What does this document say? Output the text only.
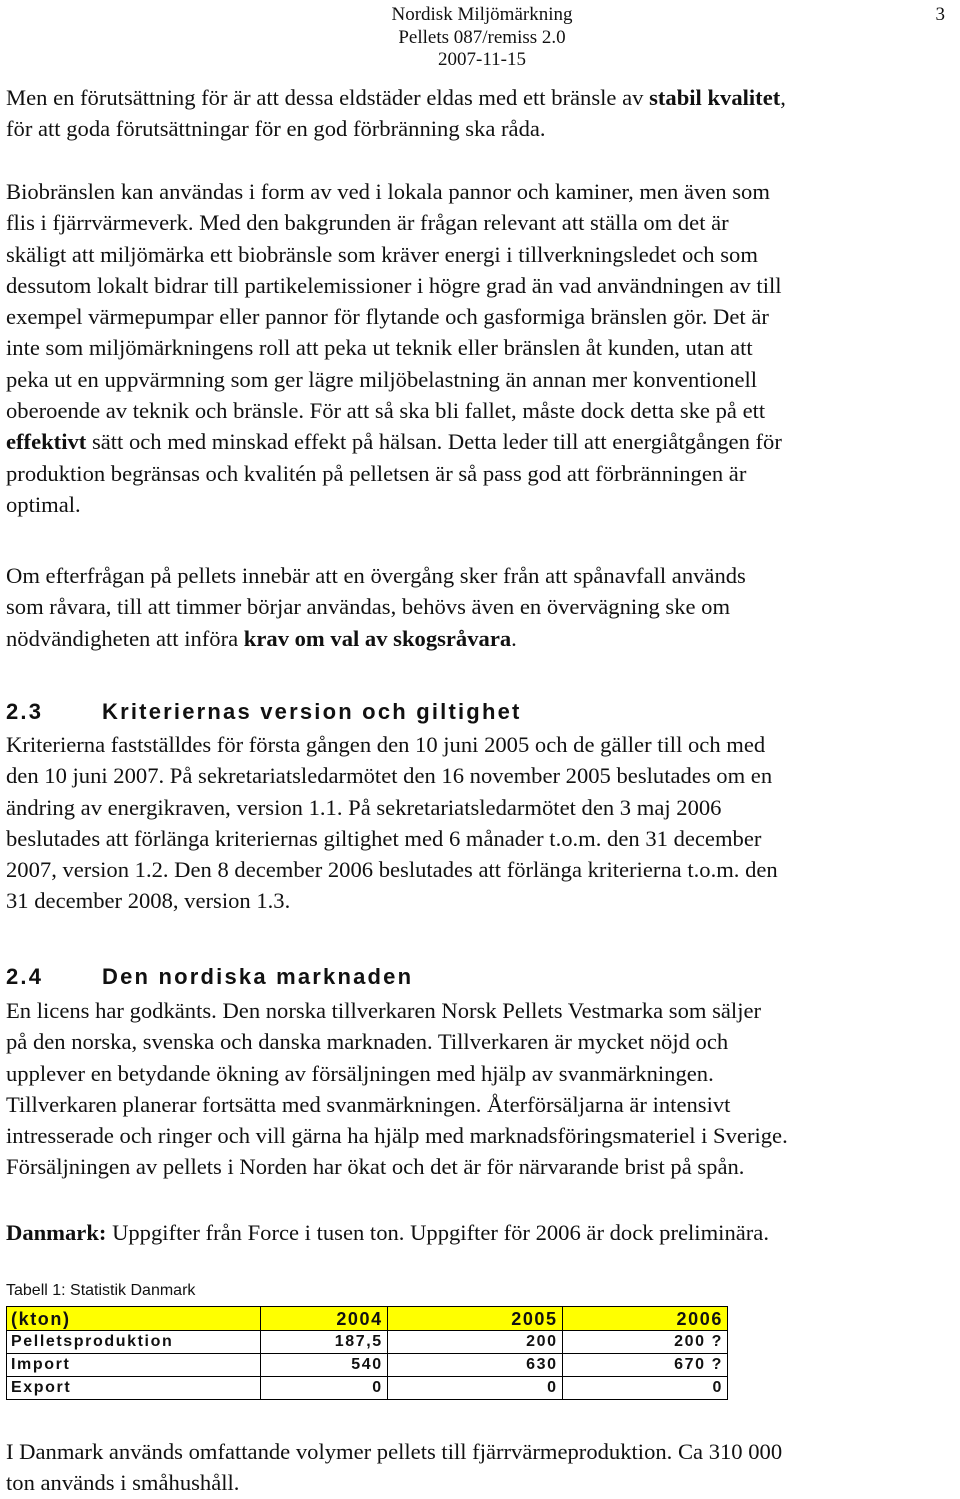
Nordisk Miljömärkning
Pellets 087/remiss 2.0
2007-11-15
3
Men en förutsättning för är att dessa eldstäder eldas med ett bränsle av stabil kvalitet,
för att goda förutsättningar för en god förbränning ska råda.
Biobränslen kan användas i form av ved i lokala pannor och kaminer, men även som
flis i fjärrvärmeverk. Med den bakgrunden är frågan relevant att ställa om det är
skäligt att miljömärka ett biobränsle som kräver energi i tillverkningsledet och som
dessutom lokalt bidrar till partikelemissioner i högre grad än vad användningen av till
exempel värmepumpar eller pannor för flytande och gasformiga bränslen gör. Det är
inte som miljömärkningens roll att peka ut teknik eller bränslen åt kunden, utan att
peka ut en uppvärmning som ger lägre miljöbelastning än annan mer konventionell
oberoende av teknik och bränsle. För att så ska bli fallet, måste dock detta ske på ett
effektivt sätt och med minskad effekt på hälsan. Detta leder till att energiåtgången för
produktion begränsas och kvalitén på pelletsen är så pass god att förbränningen är
optimal.
Om efterfrågan på pellets innebär att en övergång sker från att spånavfall används
som råvara, till att timmer börjar användas, behövs även en övervägning ske om
nödvändigheten att införa krav om val av skogsråvara.
2.3	Kriteriernas version och giltighet
Kriterierna fastställdes för första gången den 10 juni 2005 och de gäller till och med
den 10 juni 2007. På sekretariatsledarmötet den 16 november 2005 beslutades om en
ändring av energikraven, version 1.1. På sekretariatsledarmötet den 3 maj 2006
beslutades att förlänga kriteriernas giltighet med 6 månader t.o.m. den 31 december
2007, version 1.2. Den 8 december 2006 beslutades att förlänga kriterierna t.o.m. den
31 december 2008, version 1.3.
2.4	Den nordiska marknaden
En licens har godkänts. Den norska tillverkaren Norsk Pellets Vestmarka som säljer
på den norska, svenska och danska marknaden. Tillverkaren är mycket nöjd och
upplever en betydande ökning av försäljningen med hjälp av svanmärkningen.
Tillverkaren planerar fortsätta med svanmärkningen. Återförsäljarna är intensivt
intresserade och ringer och vill gärna ha hjälp med marknadsföringsmateriel i Sverige.
Försäljningen av pellets i Norden har ökat och det är för närvarande brist på spån.
Danmark: Uppgifter från Force i tusen ton. Uppgifter för 2006 är dock preliminära.
Tabell 1: Statistik Danmark
(kton)	2004	2005	2006
Pelletsproduktion	187,5	200	200 ?
Import	540	630	670 ?
Export	0	0	0
I Danmark används omfattande volymer pellets till fjärrvärmeproduktion. Ca 310 000
ton används i småhushåll.
